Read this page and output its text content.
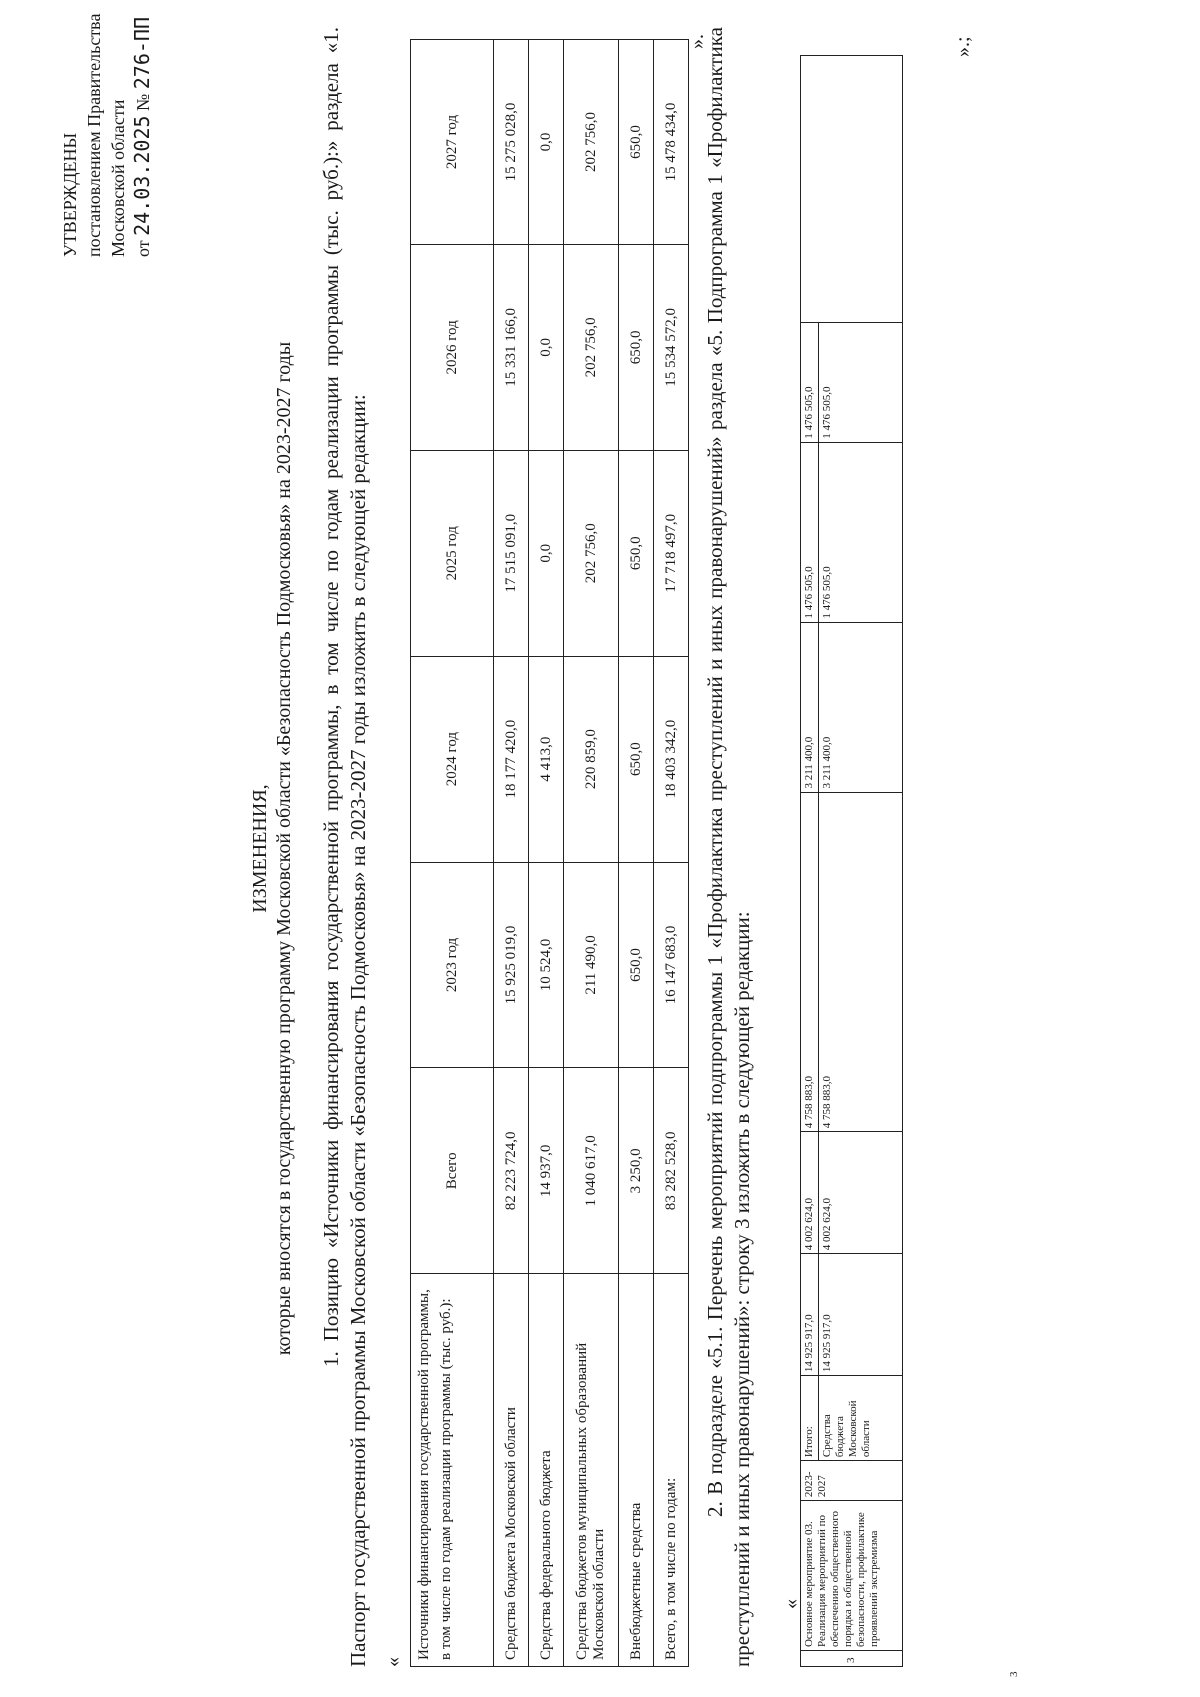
УТВЕРЖДЕНЫ постановлением Правительства Московской области от 24.03.2025 № 276-ПП
ИЗМЕНЕНИЯ, которые вносятся в государственную программу Московской области «Безопасность Подмосковья» на 2023-2027 годы 1. Позицию «Источники финансирования государственной программы, в том числе по годам реализации программы (тыс. руб.):» раздела «1. Паспорт государственной программы Московской области «Безопасность Подмосковья» на 2023-2027 годы изложить в следующей редакции: «
Источники финансирования государственной программы, в том числе по годам реализации программы (тыс. руб.):	Всего	2023 год	2024 год	2025 год	2026 год	2027 год
Средства бюджета Московской области	82 223 724,0	15 925 019,0	18 177 420,0	17 515 091,0	15 331 166,0	15 275 028,0
Средства федерального бюджета	14 937,0	10 524,0	4 413,0	0,0	0,0	0,0
Средства бюджетов муниципальных образований Московской области	1 040 617,0	211 490,0	220 859,0	202 756,0	202 756,0	202 756,0
Внебюджетные средства	3 250,0	650,0	650,0	650,0	650,0	650,0
Всего, в том числе по годам:	83 282 528,0	16 147 683,0	18 403 342,0	17 718 497,0	15 534 572,0	15 478 434,0
».
2. В подразделе «5.1. Перечень мероприятий подпрограммы 1 «Профилактика преступлений и иных правонарушений» раздела «5. Подпрограмма 1 «Профилактика преступлений и иных правонарушений»: строку 3 изложить в следующей редакции: «
3	Основное мероприятие 03. Реализация мероприятий по обеспечению общественного порядка и общественной безопасности, профилактике проявлений экстремизма	2023-2027	Итого:	14 925 917,0	4 002 624,0	4 758 883,0	3 211 400,0	1 476 505,0	1 476 505,0	
			Средства бюджета Московской области	14 925 917,0	4 002 624,0	4 758 883,0	3 211 400,0	1 476 505,0	1 476 505,0	
».;
3
